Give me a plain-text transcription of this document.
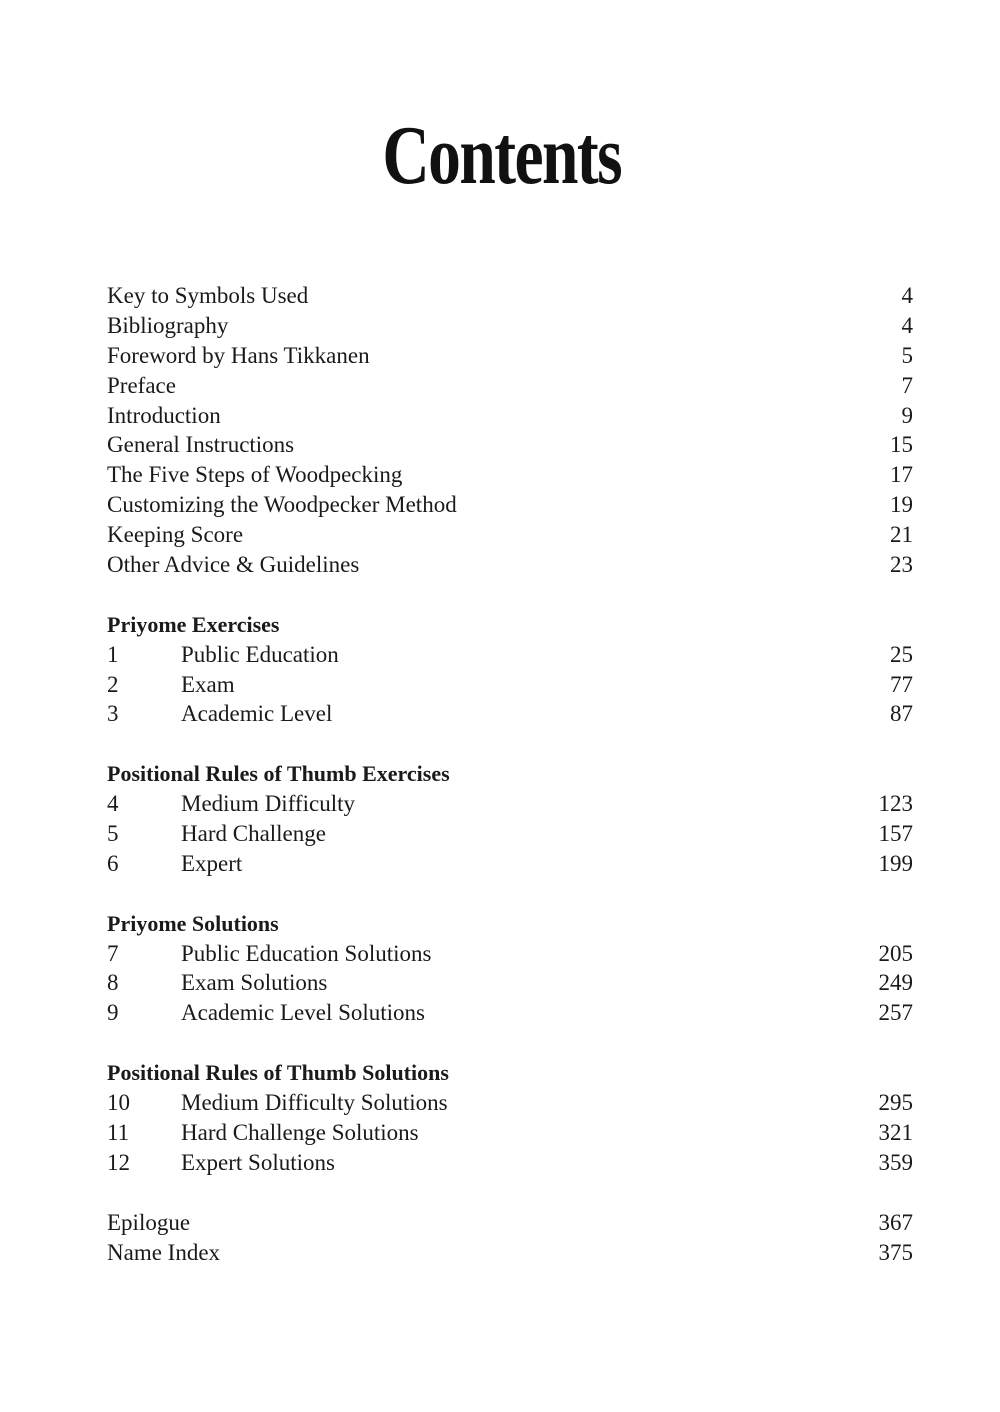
Contents
Key to Symbols Used	4
Bibliography	4
Foreword by Hans Tikkanen	5
Preface	7
Introduction	9
General Instructions	15
The Five Steps of Woodpecking	17
Customizing the Woodpecker Method	19
Keeping Score	21
Other Advice & Guidelines	23
Priyome Exercises
1	Public Education	25
2	Exam	77
3	Academic Level	87
Positional Rules of Thumb Exercises
4	Medium Difficulty	123
5	Hard Challenge	157
6	Expert	199
Priyome Solutions
7	Public Education Solutions	205
8	Exam Solutions	249
9	Academic Level Solutions	257
Positional Rules of Thumb Solutions
10	Medium Difficulty Solutions	295
11	Hard Challenge Solutions	321
12	Expert Solutions	359
Epilogue	367
Name Index	375
